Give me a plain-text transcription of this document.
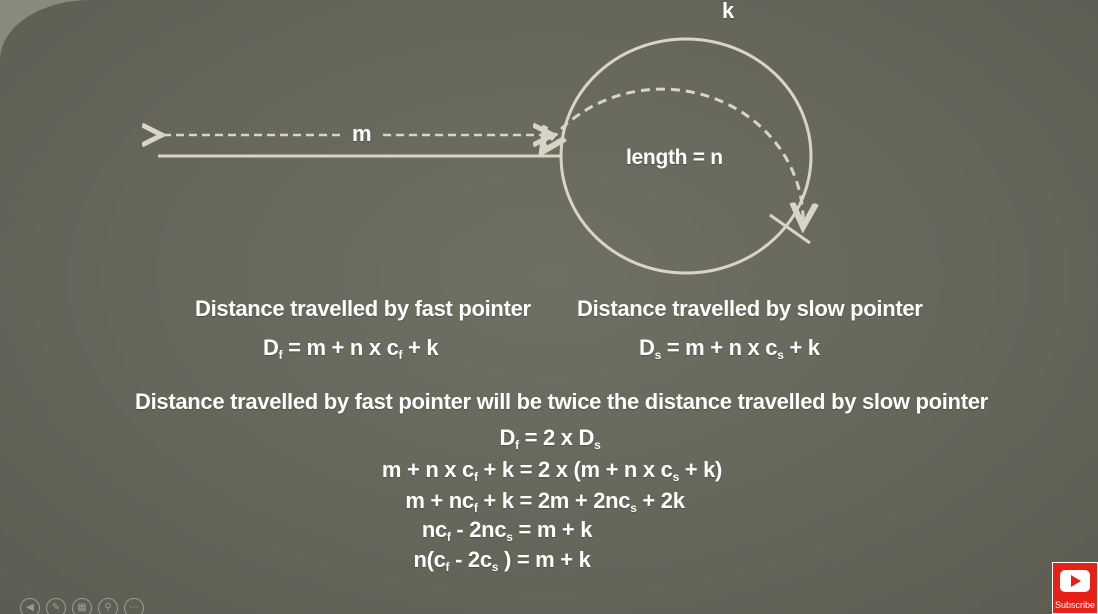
m
k
length = n
Distance travelled by fast pointer Distance travelled by slow pointer
$D_f = m + n$ x $c_f + k$	$D_s = m + n$ x $c_s + k$
Distance travelled by fast pointer will be twice the distance travelled by slow pointer
$D_f = 2$ x $D_s$
m + n x $c_f + k = 2$ x (m + n x $c_s + k$)
$m + nc_f + k = 2m + 2nc_s + 2k$
$nc_f - 2nc_s = m + k$
$n(c_f - 2c_s$ ) = m + k
◀	✎	▦	⚲	⋯	Subscribe
